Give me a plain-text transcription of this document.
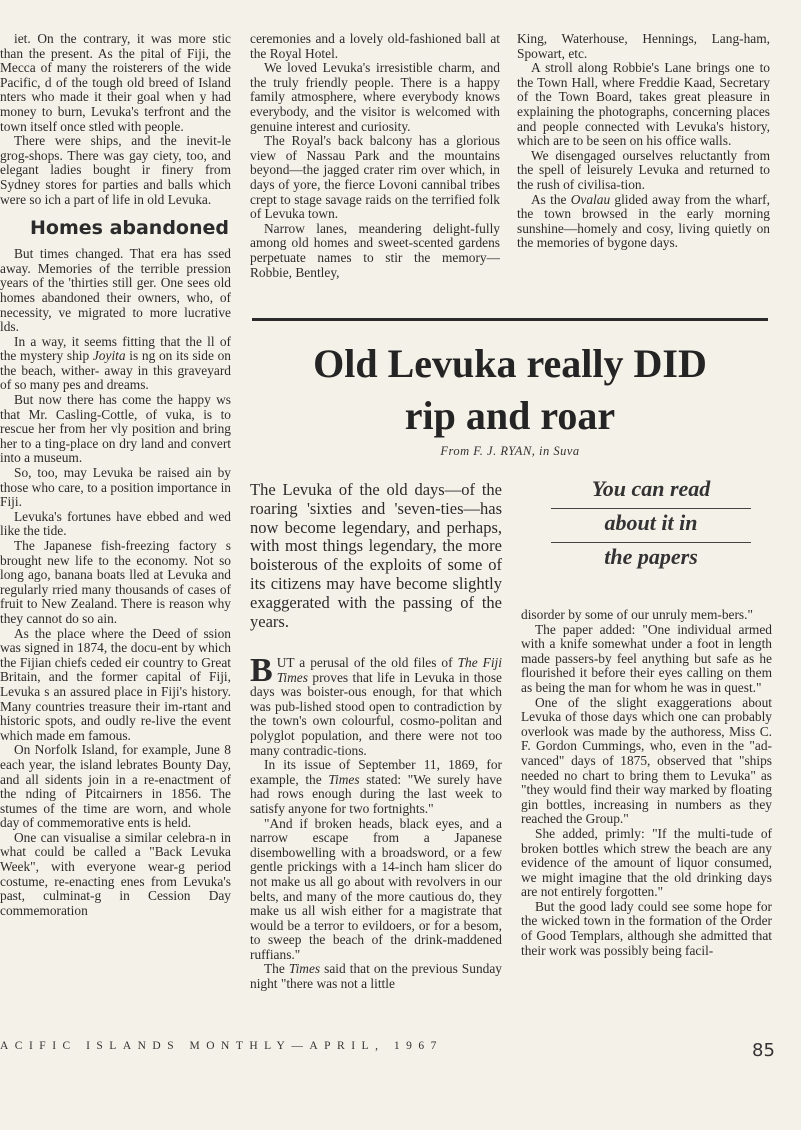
iet. On the contrary, it was more stic than the present. As the pital of Fiji, the Mecca of many the roisterers of the wide Pacific, d of the tough old breed of Island nters who made it their goal when y had money to burn, Levuka's terfront and the town itself once stled with people.

There were ships, and the inevit-le grog-shops. There was gay ciety, too, and elegant ladies bought ir finery from Sydney stores for parties and balls which were so ich a part of life in old Levuka.

Homes abandoned

But times changed. That era has ssed away. Memories of the terrible pression years of the 'thirties still ger. One sees old homes abandoned their owners, who, of necessity, ve migrated to more lucrative lds.

In a way, it seems fitting that the ll of the mystery ship Joyita is ng on its side on the beach, wither- away in this graveyard of so many pes and dreams.

But now there has come the happy ws that Mr. Casling-Cottle, of vuka, is to rescue her from her vly position and bring her to a ting-place on dry land and convert into a museum.

So, too, may Levuka be raised ain by those who care, to a position importance in Fiji.

Levuka's fortunes have ebbed and wed like the tide.

The Japanese fish-freezing factory s brought new life to the economy. Not so long ago, banana boats lled at Levuka and regularly rried many thousands of cases of fruit to New Zealand. There is reason why they cannot do so ain.

As the place where the Deed of ssion was signed in 1874, the docu-ent by which the Fijian chiefs ceded eir country to Great Britain, and the former capital of Fiji, Levuka s an assured place in Fiji's history. Many countries treasure their im-rtant and historic spots, and oudly re-live the event which made em famous.

On Norfolk Island, for example, June 8 each year, the island lebrates Bounty Day, and all sidents join in a re-enactment of the nding of Pitcairners in 1856. The stumes of the time are worn, and whole day of commemorative ents is held.

One can visualise a similar celebra-n in what could be called a "Back Levuka Week", with everyone wear-g period costume, re-enacting enes from Levuka's past, culminat-g in Cession Day commemoration

ceremonies and a lovely old-fashioned ball at the Royal Hotel.

We loved Levuka's irresistible charm, and the truly friendly people. There is a happy family atmosphere, where everybody knows everybody, and the visitor is welcomed with genuine interest and curiosity.

The Royal's back balcony has a glorious view of Nassau Park and the mountains beyond—the jagged crater rim over which, in days of yore, the fierce Lovoni cannibal tribes crept to stage savage raids on the terrified folk of Levuka town.

Narrow lanes, meandering delight-fully among old homes and sweet-scented gardens perpetuate names to stir the memory—Robbie, Bentley,

King, Waterhouse, Hennings, Lang-ham, Spowart, etc.

A stroll along Robbie's Lane brings one to the Town Hall, where Freddie Kaad, Secretary of the Town Board, takes great pleasure in explaining the photographs, concerning places and people connected with Levuka's history, which are to be seen on his office walls.

We disengaged ourselves reluctantly from the spell of leisurely Levuka and returned to the rush of civilisa-tion.

As the Ovalau glided away from the wharf, the town browsed in the early morning sunshine—homely and cosy, living quietly on the memories of bygone days.

Old Levuka really DID
rip and roar
From F. J. RYAN, in Suva

The Levuka of the old days—of the roaring 'sixties and 'seven-ties—has now become legendary, and perhaps, with most things legendary, the more boisterous of the exploits of some of its citizens may have become slightly exaggerated with the passing of the years.

You can read
about it in
the papers

B UT a perusal of the old files of The Fiji Times proves that life in Levuka in those days was boister-ous enough, for that which was pub-lished stood open to contradiction by the town's own colourful, cosmo-politan and polyglot population, and there were not too many contradic-tions.

In its issue of September 11, 1869, for example, the Times stated: "We surely have had rows enough during the last week to satisfy anyone for two fortnights."

"And if broken heads, black eyes, and a narrow escape from a Japanese disembowelling with a broadsword, or a few gentle prickings with a 14-inch ham slicer do not make us all go about with revolvers in our belts, and many of the more cautious do, they make us all wish either for a magistrate that would be a terror to evildoers, or for a besom, to sweep the beach of the drink-maddened ruffians."

The Times said that on the previous Sunday night "there was not a little

disorder by some of our unruly mem-bers."

The paper added: "One individual armed with a knife somewhat under a foot in length made passers-by feel anything but safe as he flourished it before their eyes calling on them as being the man for whom he was in quest."

One of the slight exaggerations about Levuka of those days which one can probably overlook was made by the authoress, Miss C. F. Gordon Cummings, who, even in the "ad-vanced" days of 1875, observed that "ships needed no chart to bring them to Levuka" as "they would find their way marked by floating gin bottles, increasing in numbers as they reached the Group."

She added, primly: "If the multi-tude of broken bottles which strew the beach are any evidence of the amount of liquor consumed, we might imagine that the old drinking days are not entirely forgotten."

But the good lady could see some hope for the wicked town in the formation of the Order of Good Templars, although she admitted that their work was possibly being facil-

ACIFIC ISLANDS MONTHLY—APRIL, 1967	85
